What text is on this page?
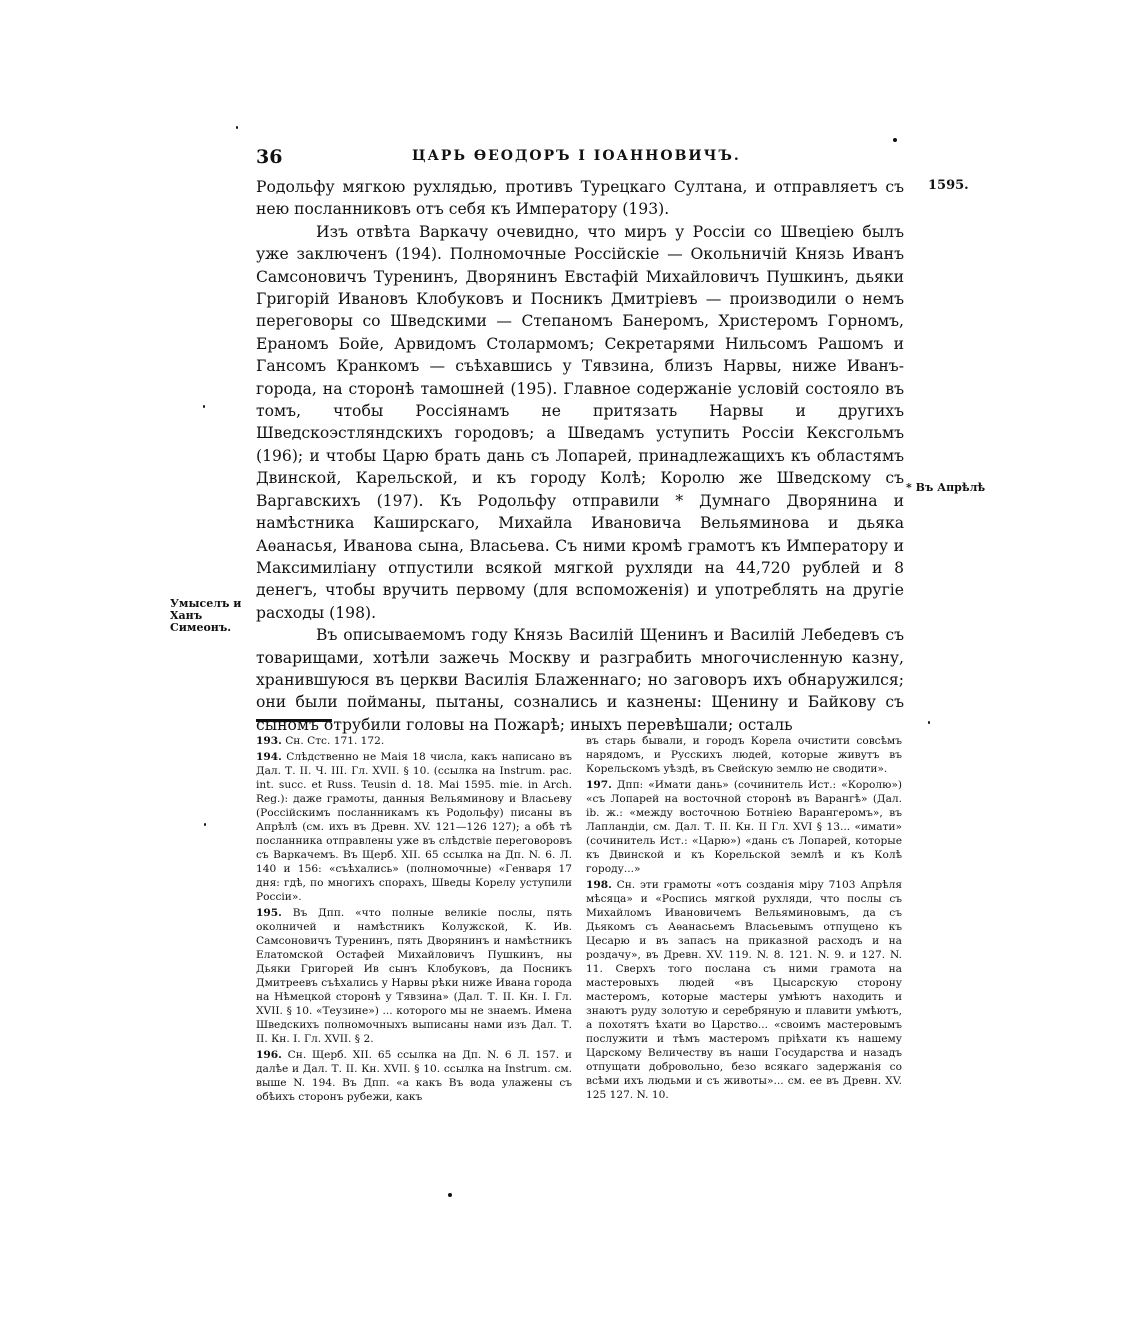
36	ЦАРЬ ѲЕОДОРЪ I ІОАННОВИЧЪ.
1595.

Родольфу мягкою рухлядью, противъ Турецкаго Султана, и отправляетъ съ нею посланниковъ отъ себя къ Императору (193).

Изъ отвѣта Варкачу очевидно, что миръ у Россіи со Швеціею былъ уже заключенъ (194). Полномочные Россійскіе — Окольничій Князь Иванъ Самсоновичъ Туренинъ, Дворянинъ Евстафій Михайловичъ Пушкинъ, дьяки Григорій Ивановъ Клобуковъ и Посникъ Дмитріевъ — производили о немъ переговоры со Шведскими — Степаномъ Банеромъ, Христеромъ Горномъ, Ераномъ Бойе, Арвидомъ Столармомъ; Секретарями Нильсомъ Рашомъ и Гансомъ Кранкомъ — съѣхавшись у Тявзина, близъ Нарвы, ниже Иванъ-города, на сторонѣ тамошней (195). Главное содержаніе условій состояло въ томъ, чтобы Россіянамъ не притязать Нарвы и другихъ Шведскоэстляндскихъ городовъ; а Шведамъ уступить Россіи Кексгольмъ (196); и чтобы Царю брать дань съ Лопарей, принадлежащихъ къ областямъ Двинской, Карельской, и къ городу Колѣ; Королю же Шведскому съ Варгавскихъ (197). Къ Родольфу отправили * Думнаго Дворянина и намѣстника Каширскаго, Михайла Ивановича Вельяминова и дьяка Аѳанасья, Иванова сына, Власьева. Съ ними кромѣ грамотъ къ Императору и Максимиліану отпустили всякой мягкой рухляди на 44,720 рублей и 8 денегъ, чтобы вручить первому (для вспоможенія) и употреблять на другіе расходы (198).

Въ описываемомъ году Князь Василій Щенинъ и Василій Лебедевъ съ товарищами, хотѣли зажечь Москву и разграбить многочисленную казну, хранившуюся въ церкви Василія Блаженнаго; но заговоръ ихъ обнаружился; они были пойманы, пытаны, сознались и казнены: Щенину и Байкову съ сыномъ отрубили головы на Пожарѣ; иныхъ перевѣшали; осталь

* Въ Апрѣлѣ
Умыселъ и Ханъ Симеонъ.

193. Сн. Стс. 171. 172.

194. Слѣдственно не Маія 18 числа, какъ написано въ Дал. Т. II. Ч. III. Гл. XVII. § 10. (ссылка на Instrum. pac. int. succ. et Russ. Teusin d. 18. Mai 1595. mie. in Arch. Reg.): даже грамоты, данныя Вельяминову и Власьеву (Россійскимъ посланникамъ къ Родольфу) писаны въ Апрѣлѣ (см. ихъ въ Древн. XV. 121—126 127); а обѣ тѣ посланника отправлены уже въ слѣдствіе переговоровъ съ Варкачемъ. Въ Щерб. XII. 65 ссылка на Дп. N. 6. Л. 140 и 156: «съѣхались» (полномочные) «Генваря 17 дня: гдѣ, по многихъ спорахъ, Шведы Корелу уступили Россіи».

195. Въ Дпп. «что полные великіе послы, пять околничей и намѣстникъ Колужской, К. Ив. Самсоновичъ Туренинъ, пять Дворянинъ и намѣстникъ Елатомской Остафей Михайловичъ Пушкинъ, ны Дьяки Григорей Ив сынъ Клобуковъ, да Посникъ Дмитреевъ съѣхались у Нарвы рѣки ниже Ивана города на Нѣмецкой сторонѣ у Тявзина» (Дал. Т. II. Кн. I. Гл. XVII. § 10. «Теузине») ... которого мы не знаемъ. Имена Шведскихъ полномочныхъ выписаны нами изъ Дал. Т. II. Кн. I. Гл. XVII. § 2.

196. Сн. Щерб. XII. 65 ссылка на Дп. N. 6 Л. 157. и далѣе и Дал. Т. II. Кн. XVII. § 10. ссылка на Instrum. см. выше N. 194. Въ Дпп. «а какъ Въ вода улажены съ обѣихъ сторонъ рубежи, какъ

въ старь бывали, и городъ Корела очистити совсѣмъ нарядомъ, и Русскихъ людей, которые живутъ въ Корельскомъ уѣздѣ, въ Свейскую землю не сводити».

197. Дпп: «Имати дань» (сочинитель Ист.: «Королю») «съ Лопарей на восточной сторонѣ въ Варангѣ» (Дал. ib. ж.: «между восточною Ботніею Варангеромъ», въ Лапландіи, см. Дал. Т. II. Кн. II Гл. XVI § 13... «имати» (сочинитель Ист.: «Царю») «дань съ Лопарей, которые къ Двинской и къ Корельской землѣ и къ Колѣ городу...»

198. Сн. эти грамоты «отъ созданія міру 7103 Апрѣля мѣсяца» и «Роспись мягкой рухляди, что послы съ Михайломъ Ивановичемъ Вельяминовымъ, да съ Дьякомъ съ Аѳанасьемъ Власьевымъ отпущено къ Цесарю и въ запасъ на приказной расходъ и на роздачу», въ Древн. XV. 119. N. 8. 121. N. 9. и 127. N. 11. Сверхъ того послана съ ними грамота на мастеровыхъ людей «въ Цысарскую сторону мастеромъ, которые мастеры умѣютъ находить и знаютъ руду золотую и серебряную и плавити умѣютъ, а похотятъ ѣхати во Царство... «своимъ мастеровымъ послужити и тѣмъ мастеромъ пріѣхати къ нашему Царскому Величеству въ наши Государства и назадъ отпущати добровольно, безо всякаго задержанія со всѣми ихъ людьми и съ животы»... см. ее въ Древн. XV. 125 127. N. 10.
